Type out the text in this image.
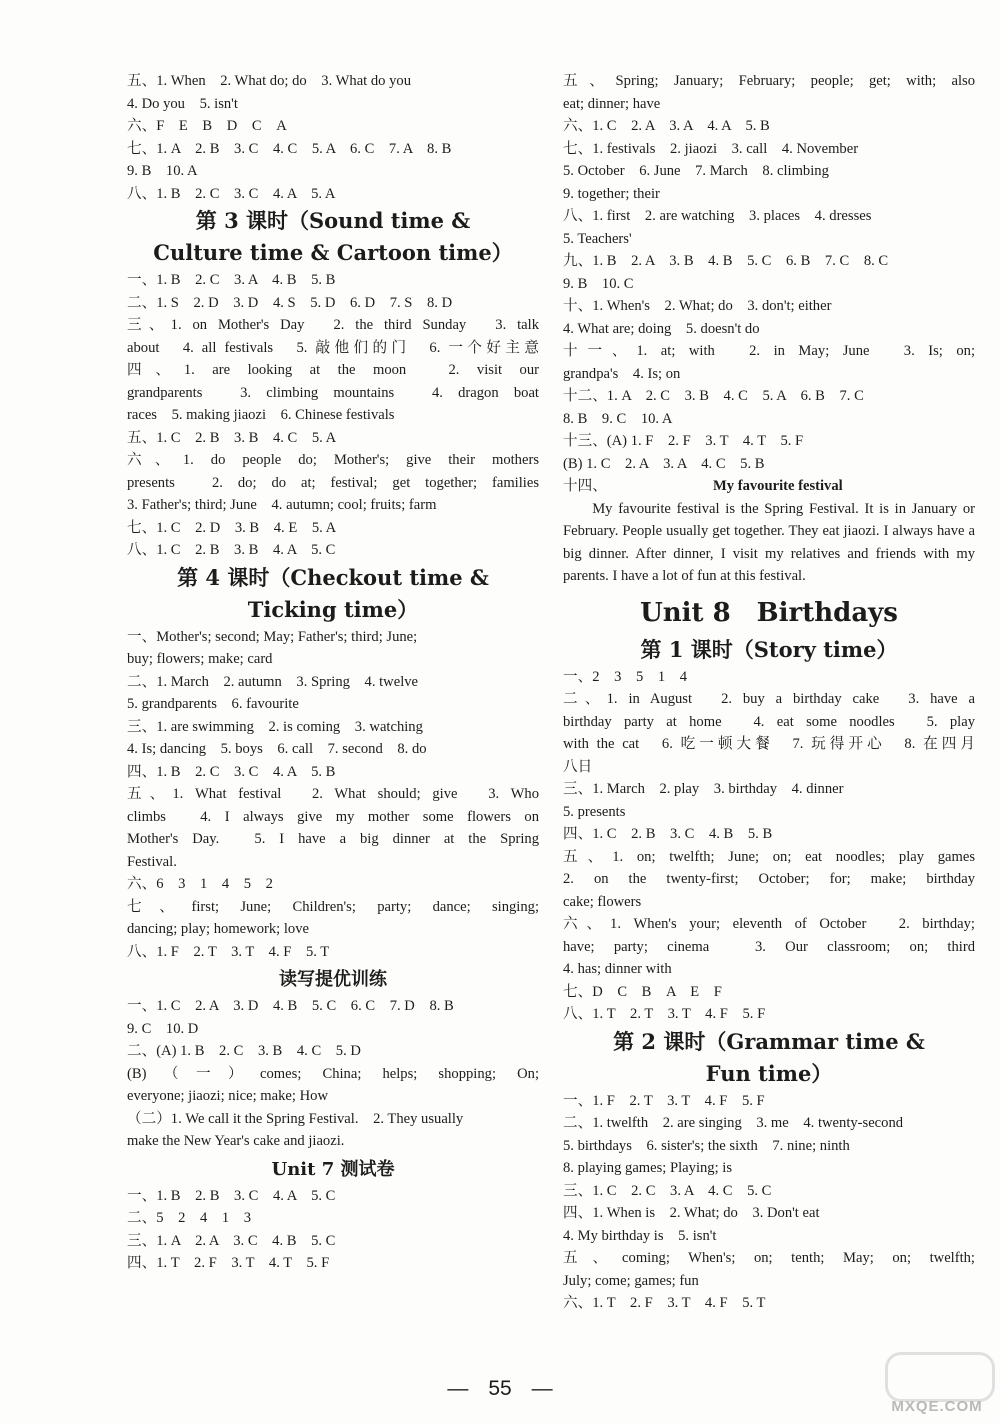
五、1. When　2. What do; do　3. What do you
4. Do you　5. isn't
六、F　E　B　D　C　A
七、1. A　2. B　3. C　4. C　5. A　6. C　7. A　8. B
9. B　10. A
八、1. B　2. C　3. C　4. A　5. A
第 3 课时（Sound time &
Culture time & Cartoon time）
一、1. B　2. C　3. A　4. B　5. B
二、1. S　2. D　3. D　4. S　5. D　6. D　7. S　8. D
三、1. on Mother's Day　2. the third Sunday　3. talk
about　4. all festivals　5. 敲他们的门　6. 一个好主意
四、1. are looking at the moon　2. visit our
grandparents　3. climbing mountains　4. dragon boat
races　5. making jiaozi　6. Chinese festivals
五、1. C　2. B　3. B　4. C　5. A
六、1. do people do; Mother's; give their mothers
presents　2. do; do at; festival; get together; families
3. Father's; third; June　4. autumn; cool; fruits; farm
七、1. C　2. D　3. B　4. E　5. A
八、1. C　2. B　3. B　4. A　5. C
第 4 课时（Checkout time &
Ticking time）
一、Mother's; second; May; Father's; third; June;
buy; flowers; make; card
二、1. March　2. autumn　3. Spring　4. twelve
5. grandparents　6. favourite
三、1. are swimming　2. is coming　3. watching
4. Is; dancing　5. boys　6. call　7. second　8. do
四、1. B　2. C　3. C　4. A　5. B
五、1. What festival　2. What should; give　3. Who
climbs　4. I always give my mother some flowers on
Mother's Day.　5. I have a big dinner at the Spring
Festival.
六、6　3　1　4　5　2
七、first; June; Children's; party; dance; singing;
dancing; play; homework; love
八、1. F　2. T　3. T　4. F　5. T
读写提优训练
一、1. C　2. A　3. D　4. B　5. C　6. C　7. D　8. B
9. C　10. D
二、(A) 1. B　2. C　3. B　4. C　5. D
(B)（一）comes; China; helps; shopping; On;
everyone; jiaozi; nice; make; How
（二）1. We call it the Spring Festival.　2. They usually
make the New Year's cake and jiaozi.
Unit 7 测试卷
一、1. B　2. B　3. C　4. A　5. C
二、5　2　4　1　3
三、1. A　2. A　3. C　4. B　5. C
四、1. T　2. F　3. T　4. T　5. F
五、Spring; January; February; people; get; with; also
eat; dinner; have
六、1. C　2. A　3. A　4. A　5. B
七、1. festivals　2. jiaozi　3. call　4. November
5. October　6. June　7. March　8. climbing
9. together; their
八、1. first　2. are watching　3. places　4. dresses
5. Teachers'
九、1. B　2. A　3. B　4. B　5. C　6. B　7. C　8. C
9. B　10. C
十、1. When's　2. What; do　3. don't; either
4. What are; doing　5. doesn't do
十一、1. at; with　2. in May; June　3. Is; on;
grandpa's　4. Is; on
十二、1. A　2. C　3. B　4. C　5. A　6. B　7. C
8. B　9. C　10. A
十三、(A) 1. F　2. F　3. T　4. T　5. F
(B) 1. C　2. A　3. A　4. C　5. B
十四、	My favourite festival
My favourite festival is the Spring Festival. It is in January or February. People usually get together. They eat jiaozi. I always have a big dinner. After dinner, I visit my relatives and friends with my parents. I have a lot of fun at this festival.
Unit 8　Birthdays
第 1 课时（Story time）
一、2　3　5　1　4
二、1. in August　2. buy a birthday cake　3. have a
birthday party at home　4. eat some noodles　5. play
with the cat　6. 吃一顿大餐　7. 玩得开心　8. 在四月
八日
三、1. March　2. play　3. birthday　4. dinner
5. presents
四、1. C　2. B　3. C　4. B　5. B
五、1. on; twelfth; June; on; eat noodles; play games
2. on the twenty-first; October; for; make; birthday
cake; flowers
六、1. When's your; eleventh of October　2. birthday;
have; party; cinema　3. Our classroom; on; third
4. has; dinner with
七、D　C　B　A　E　F
八、1. T　2. T　3. T　4. F　5. F
第 2 课时（Grammar time &
Fun time）
一、1. F　2. T　3. T　4. F　5. F
二、1. twelfth　2. are singing　3. me　4. twenty-second
5. birthdays　6. sister's; the sixth　7. nine; ninth
8. playing games; Playing; is
三、1. C　2. C　3. A　4. C　5. C
四、1. When is　2. What; do　3. Don't eat
4. My birthday is　5. isn't
五、coming; When's; on; tenth; May; on; twelfth;
July; come; games; fun
六、1. T　2. F　3. T　4. F　5. T
— 55 —
MXQE.COM
